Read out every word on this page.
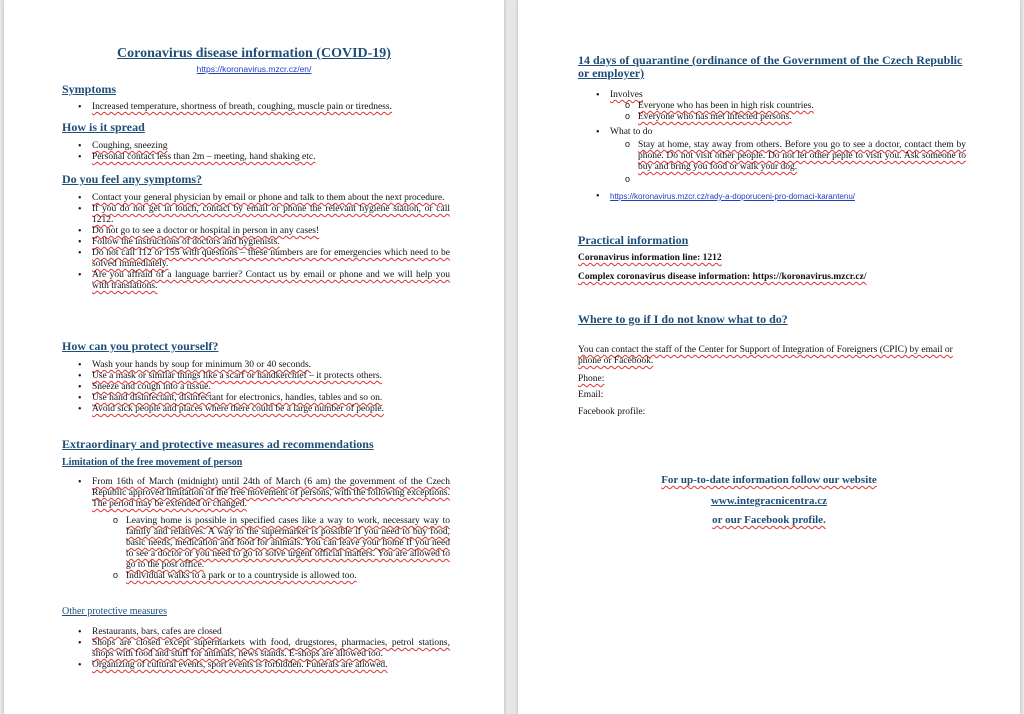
Coronavirus disease information (COVID-19)
https://koronavirus.mzcr.cz/en/
Symptoms
• Increased temperature, shortness of breath, coughing, muscle pain or tiredness.
How is it spread
• Coughing, sneezing
• Personal contact less than 2m – meeting, hand shaking etc.
Do you feel any symptoms?
• Contact your general physician by email or phone and talk to them about the next procedure.
• If you do not get in touch, contact by email or phone the relevant hygiene station, or call 1212.
• Do not go to see a doctor or hospital in person in any cases!
• Follow the instructions of doctors and hygienists.
• Do not call 112 or 155 with questions – these numbers are for emergencies which need to be solved immediately.
• Are you affraid of a language barrier? Contact us by email or phone and we will help you with translations.
How can you protect yourself?
• Wash your hands by soup for minimum 30 or 40 seconds.
• Use a mask or similar things like a scarf or handkerchief – it protects others.
• Sneeze and cough into a tissue.
• Use hand disinfectant, disinfectant for electronics, handles, tables and so on.
• Avoid sick people and places where there could be a large number of people.
Extraordinary and protective measures ad recommendations
Limitation of the free movement of person
• From 16th of March (midnight) until 24th of March (6 am) the government of the Czech Republic approved limitation of the free movement of persons, with the following exceptions. The period may be extended or changed.
o Leaving home is possible in specified cases like a way to work, necessary way to family and relatives. A way to the supermarket is possible if you need to buy food, basic needs, medication and food for animals. You can leave your home if you need to see a doctor or you need to go to solve urgent official matters. You are allowed to go to the post office.
o Individual walks to a park or to a countryside is allowed too.
Other protective measures
• Restaurants, bars, cafes are closed
• Shops are closed except supermarkets with food, drugstores, pharmacies, petrol stations, shops with food and stuff for animals, news stands. E-shops are allowed too.
• Organizing of cultural events, sport events is forbidden. Funerals are allowed.
14 days of quarantine (ordinance of the Government of the Czech Republic or employer)
• Involves
o Everyone who has been in high risk countries.
o Everyone who has met infected persons.
• What to do
o Stay at home, stay away from others. Before you go to see a doctor, contact them by phone. Do not visit other people. Do not let other peple to visit you. Ask someone to buy and bring you food or walk your dog.
o
• https://koronavirus.mzcr.cz/rady-a-doporuceni-pro-domaci-karantenu/
Practical information
Coronavirus information line: 1212
Complex coronavirus disease information: https://koronavirus.mzcr.cz/
Where to go if I do not know what to do?
You can contact the staff of the Center for Support of Integration of Foreigners (CPIC) by email or phone or Facebook.
Phone:
Email:
Facebook profile:
For up-to-date information follow our website
www.integracnicentra.cz
or our Facebook profile.
